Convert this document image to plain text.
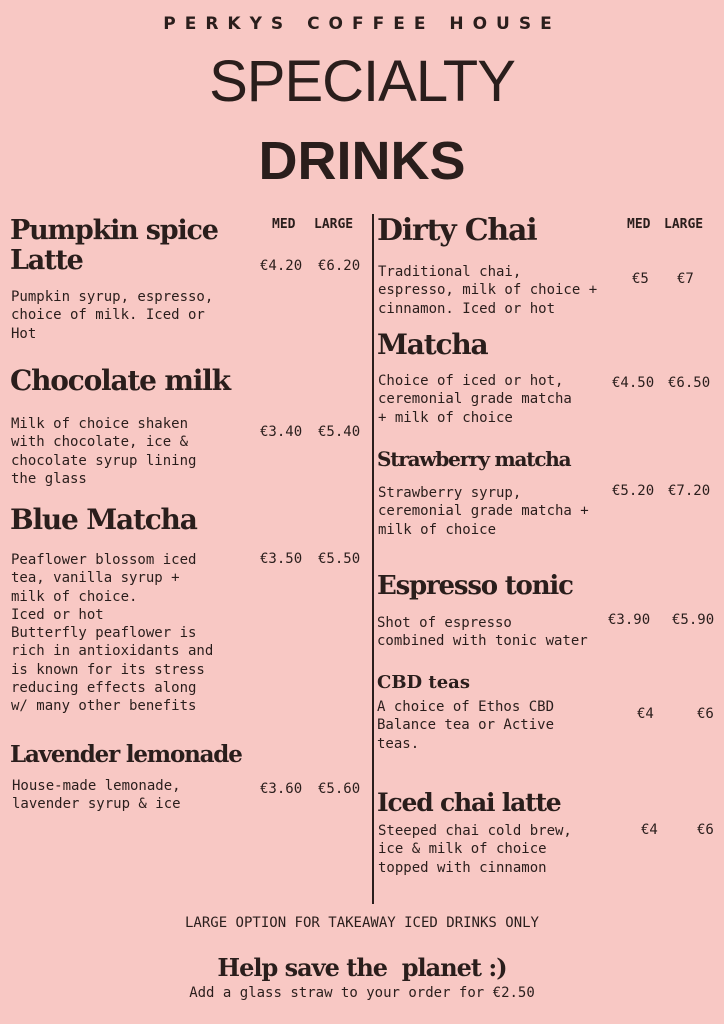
PERKYS COFFEE HOUSE
SPECIALTY
DRINKS
MED LARGE	MED LARGE
Pumpkin spice
Latte
Pumpkin syrup, espresso,
choice of milk. Iced or
Hot
€4.20 €6.20
Chocolate milk
Milk of choice shaken
with chocolate, ice &
chocolate syrup lining
the glass
€3.40 €5.40
Blue Matcha
Peaflower blossom iced
tea, vanilla syrup +
milk of choice.
Iced or hot
Butterfly peaflower is
rich in antioxidants and
is known for its stress
reducing effects along
w/ many other benefits
€3.50 €5.50
Lavender lemonade
House-made lemonade,
lavender syrup & ice
€3.60 €5.60
Dirty Chai
Traditional chai,
espresso, milk of choice +
cinnamon. Iced or hot
€5 €7
Matcha
Choice of iced or hot,
ceremonial grade matcha
+ milk of choice
€4.50 €6.50
Strawberry matcha
Strawberry syrup,
ceremonial grade matcha +
milk of choice
€5.20 €7.20
Espresso tonic
Shot of espresso
combined with tonic water
€3.90 €5.90
CBD teas
A choice of Ethos CBD
Balance tea or Active
teas.
€4	€6
Iced chai latte
Steeped chai cold brew,
ice & milk of choice
topped with cinnamon
€4	€6
LARGE OPTION FOR TAKEAWAY ICED DRINKS ONLY
Help save the  planet :)
Add a glass straw to your order for €2.50
